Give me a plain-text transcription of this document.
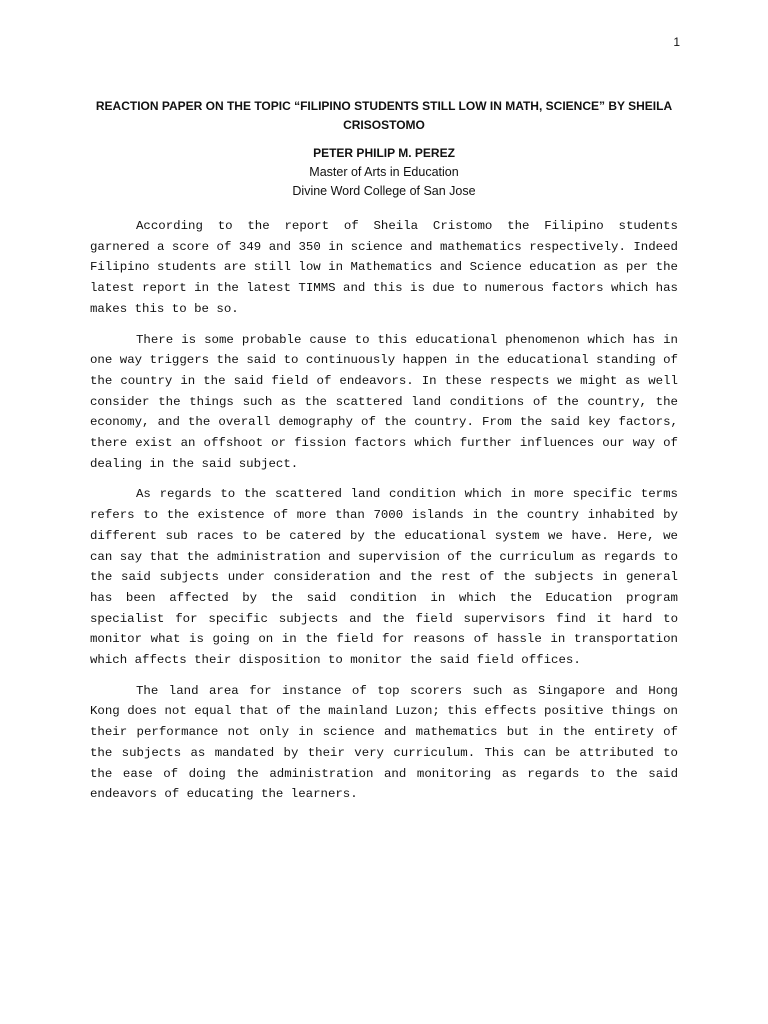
1

REACTION PAPER ON THE TOPIC “FILIPINO STUDENTS STILL LOW IN MATH, SCIENCE” BY SHEILA CRISOSTOMO

PETER PHILIP M. PEREZ
Master of Arts in Education
Divine Word College of San Jose

According to the report of Sheila Cristomo the Filipino students garnered a score of 349 and 350 in science and mathematics respectively. Indeed Filipino students are still low in Mathematics and Science education as per the latest report in the latest TIMMS and this is due to numerous factors which has makes this to be so.

There is some probable cause to this educational phenomenon which has in one way triggers the said to continuously happen in the educational standing of the country in the said field of endeavors. In these respects we might as well consider the things such as the scattered land conditions of the country, the economy, and the overall demography of the country. From the said key factors, there exist an offshoot or fission factors which further influences our way of dealing in the said subject.

As regards to the scattered land condition which in more specific terms refers to the existence of more than 7000 islands in the country inhabited by different sub races to be catered by the educational system we have. Here, we can say that the administration and supervision of the curriculum as regards to the said subjects under consideration and the rest of the subjects in general has been affected by the said condition in which the Education program specialist for specific subjects and the field supervisors find it hard to monitor what is going on in the field for reasons of hassle in transportation which affects their disposition to monitor the said field offices.

The land area for instance of top scorers such as Singapore and Hong Kong does not equal that of the mainland Luzon; this effects positive things on their performance not only in science and mathematics but in the entirety of the subjects as mandated by their very curriculum. This can be attributed to the ease of doing the administration and monitoring as regards to the said endeavors of educating the learners.
